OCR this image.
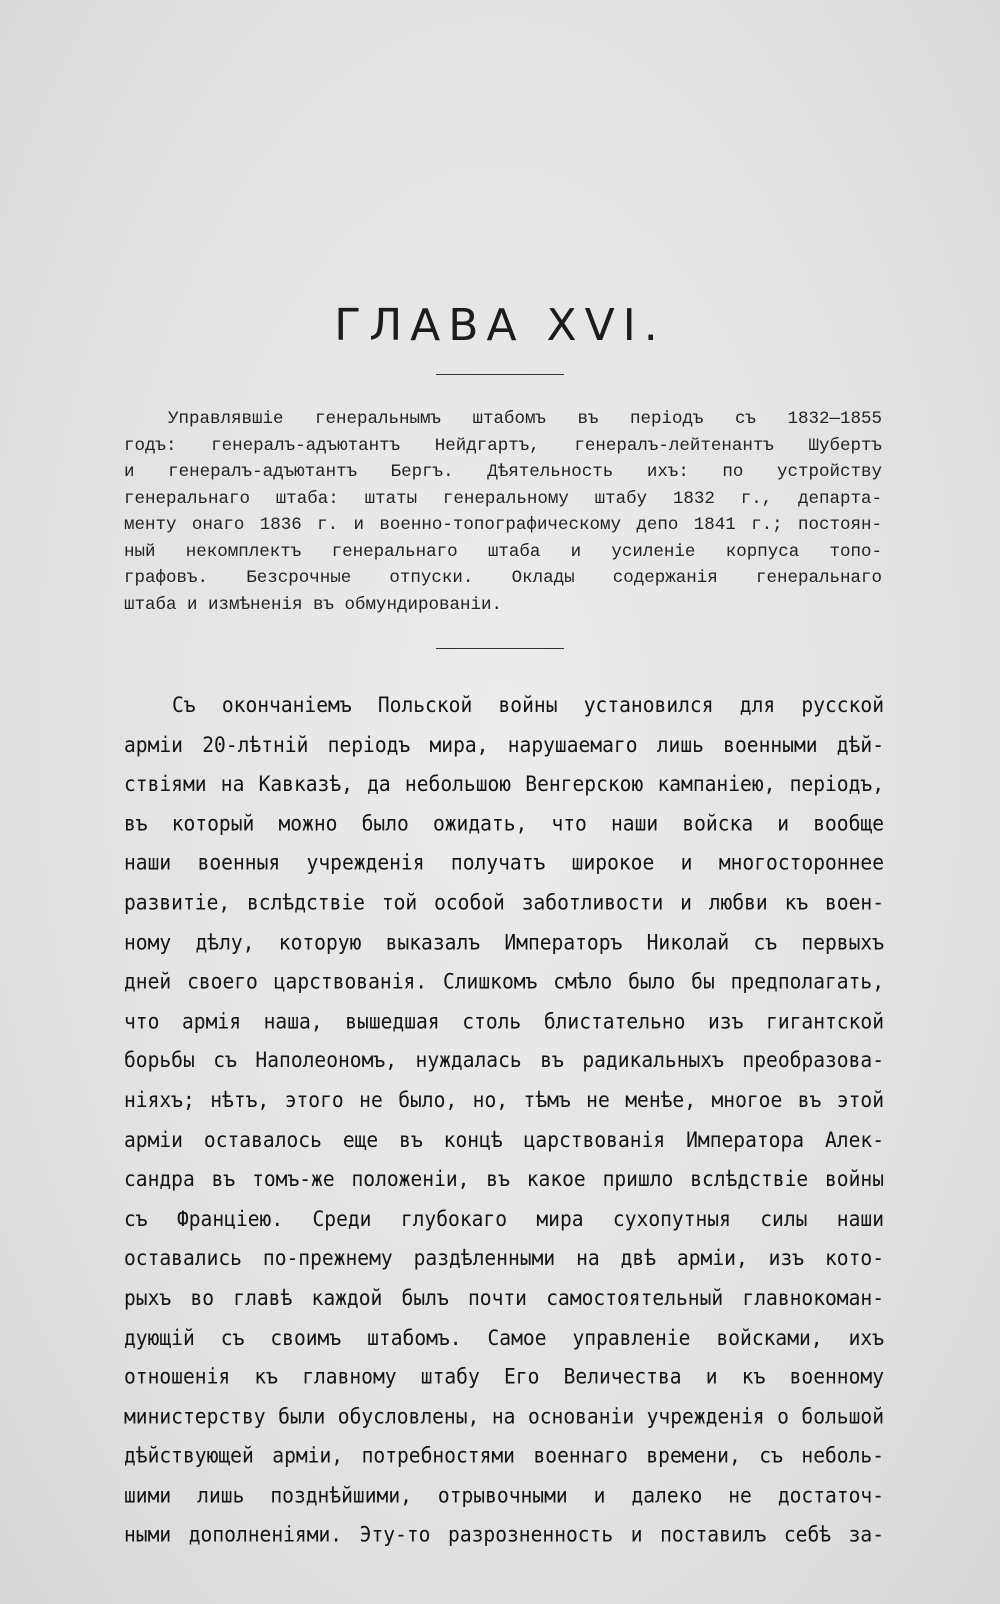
ГЛАВА XVI.
Управлявшіе генеральнымъ штабомъ въ періодъ съ 1832—1855
годъ: генералъ-адъютантъ Нейдгартъ, генералъ-лейтенантъ Шубертъ
и генералъ-адъютантъ Бергъ. Дѣятельность ихъ: по устройству
генеральнаго штаба: штаты генеральному штабу 1832 г., департа-
менту онаго 1836 г. и военно-топографическому депо 1841 г.; постоян-
ный некомплектъ генеральнаго штаба и усиленіе корпуса топо-
графовъ. Безсрочные отпуски. Оклады содержанія генеральнаго
штаба и измѣненія въ обмундированіи.
Съ окончаніемъ Польской войны установился для русской
арміи 20-лѣтній періодъ мира, нарушаемаго лишь военными дѣй-
ствіями на Кавказѣ, да небольшою Венгерскою кампаніею, періодъ,
въ который можно было ожидать, что наши войска и вообще
наши военныя учрежденія получатъ широкое и многостороннее
развитіе, вслѣдствіе той особой заботливости и любви къ воен-
ному дѣлу, которую выказалъ Императоръ Николай съ первыхъ
дней своего царствованія. Слишкомъ смѣло было бы предполагать,
что армія наша, вышедшая столь блистательно изъ гигантской
борьбы съ Наполеономъ, нуждалась въ радикальныхъ преобразова-
ніяхъ; нѣтъ, этого не было, но, тѣмъ не менѣе, многое въ этой
арміи оставалось еще въ концѣ царствованія Императора Алек-
сандра въ томъ-же положеніи, въ какое пришло вслѣдствіе войны
съ Франціею. Среди глубокаго мира сухопутныя силы наши
оставались по-прежнему раздѣленными на двѣ арміи, изъ кото-
рыхъ во главѣ каждой былъ почти самостоятельный главнокоман-
дующій съ своимъ штабомъ. Самое управленіе войсками, ихъ
отношенія къ главному штабу Его Величества и къ военному
министерству были обусловлены, на основаніи учрежденія о большой
дѣйствующей арміи, потребностями военнаго времени, съ неболь-
шими лишь позднѣйшими, отрывочными и далеко не достаточ-
ными дополненіями. Эту-то разрозненность и поставилъ себѣ за-
